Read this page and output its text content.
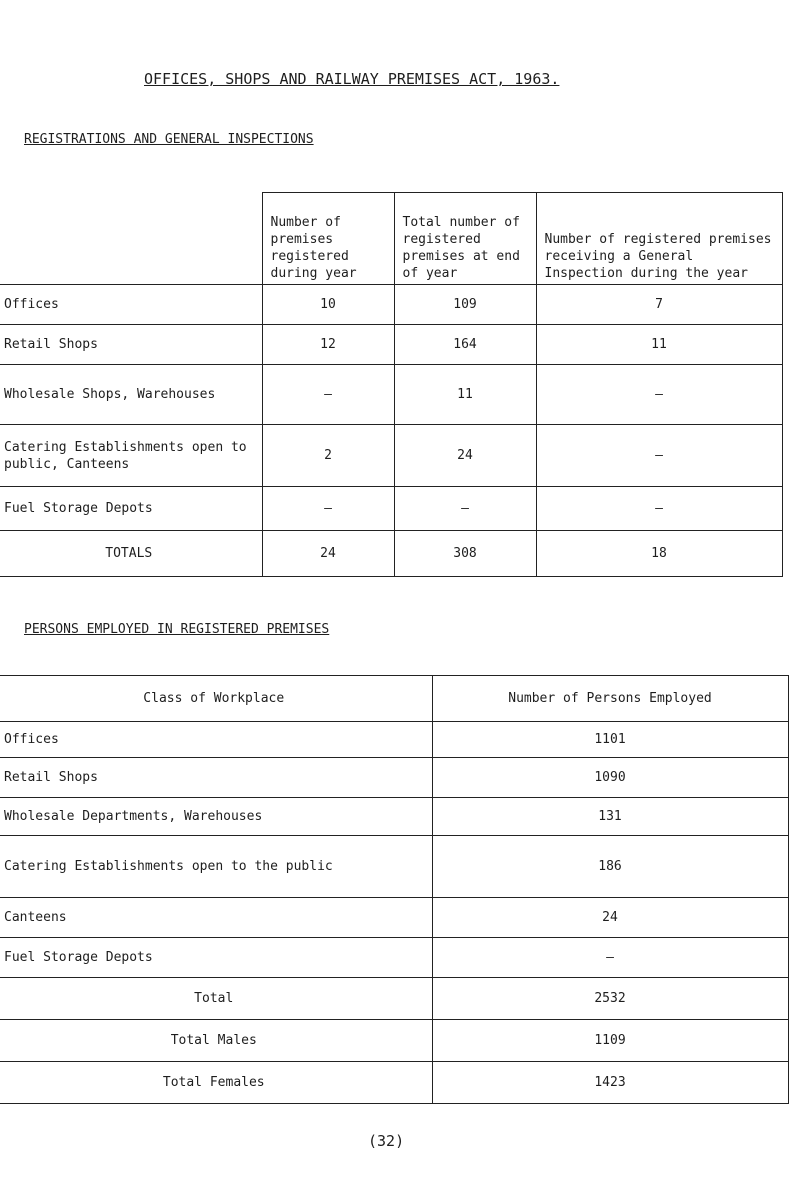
OFFICES, SHOPS AND RAILWAY PREMISES ACT, 1963.
REGISTRATIONS AND GENERAL INSPECTIONS
	Number of premises registered during year	Total number of registered premises at end of year	Number of registered premises receiving a General Inspection during the year
Offices	10	109	7
Retail Shops	12	164	11
Wholesale Shops, Warehouses	–	11	–
Catering Establishments open to public, Canteens	2	24	–
Fuel Storage Depots	–	–	–
TOTALS	24	308	18
PERSONS EMPLOYED IN REGISTERED PREMISES
Class of Workplace	Number of Persons Employed
Offices	1101
Retail Shops	1090
Wholesale Departments, Warehouses	131
Catering Establishments open to the public	186
Canteens	24
Fuel Storage Depots	–
Total	2532
Total Males	1109
Total Females	1423
(32)
